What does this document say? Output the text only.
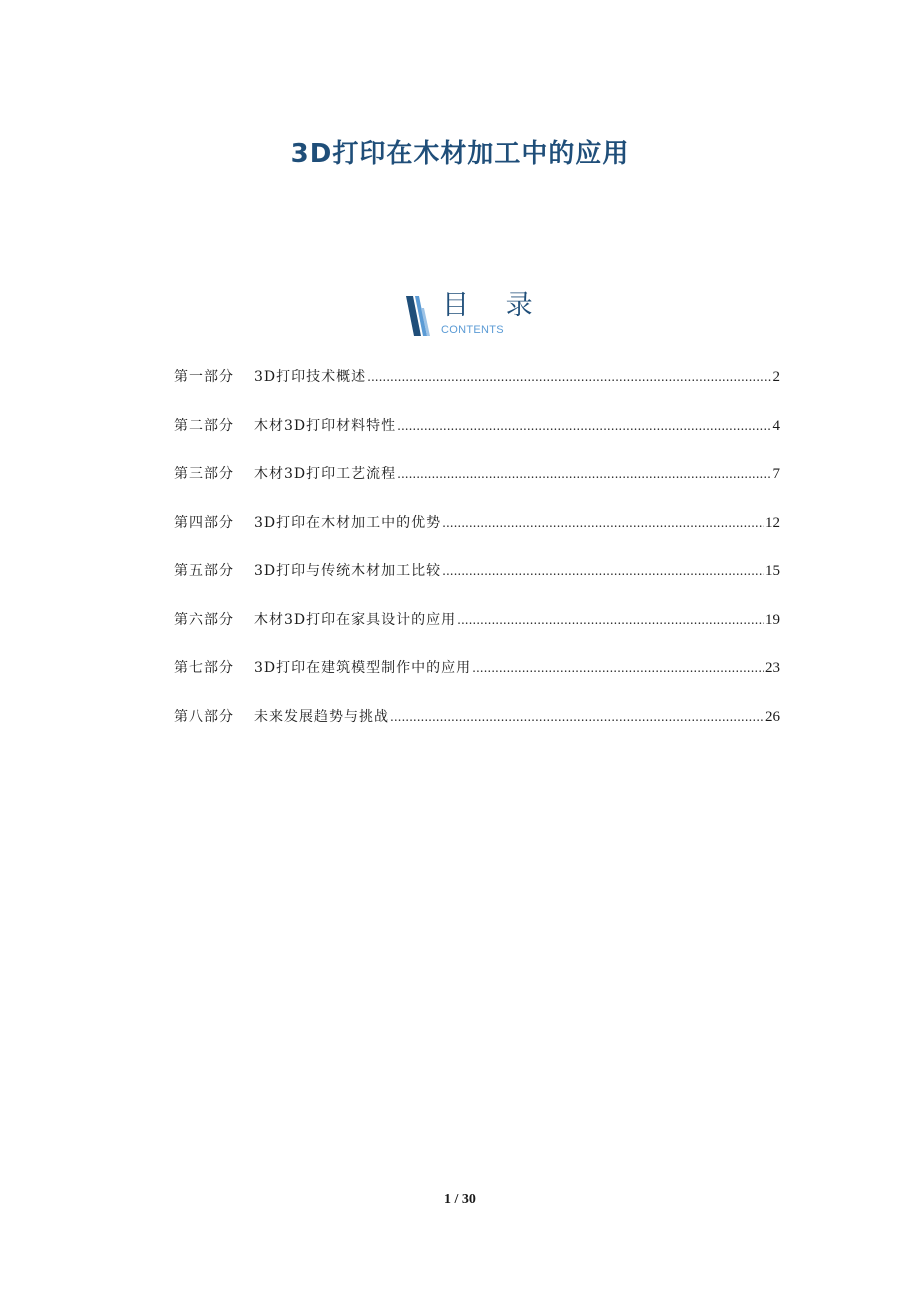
3D打印在木材加工中的应用
目 录
CONTENTS
第一部分	3D打印技术概述 .....	2
第二部分	木材3D打印材料特性 .....	4
第三部分	木材3D打印工艺流程 .....	7
第四部分	3D打印在木材加工中的优势 .....	12
第五部分	3D打印与传统木材加工比较 .....	15
第六部分	木材3D打印在家具设计的应用 .....	19
第七部分	3D打印在建筑模型制作中的应用 .....	23
第八部分	未来发展趋势与挑战 .....	26
1 / 30
